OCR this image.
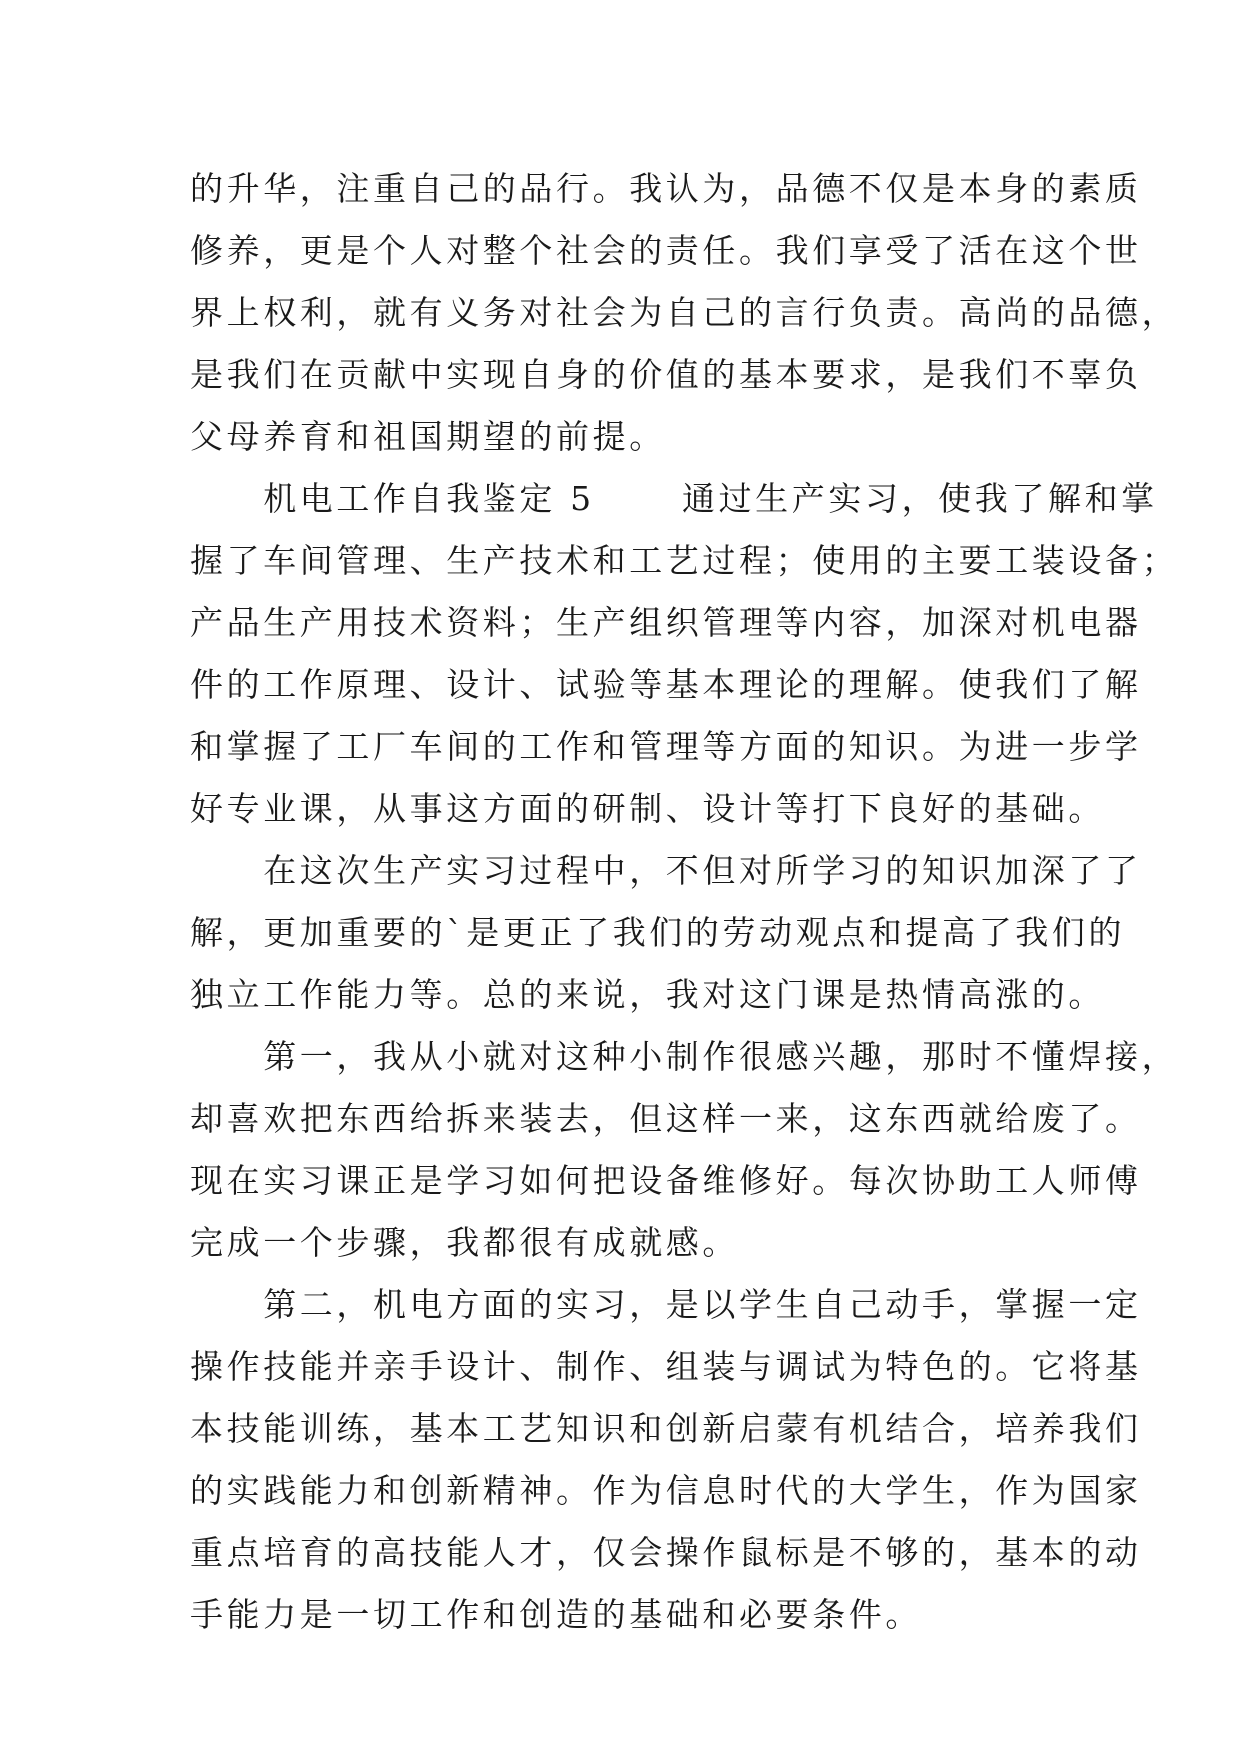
的升华，注重自己的品行。我认为，品德不仅是本身的素质
修养，更是个人对整个社会的责任。我们享受了活在这个世
界上权利，就有义务对社会为自己的言行负责。高尚的品德，
是我们在贡献中实现自身的价值的基本要求，是我们不辜负
父母养育和祖国期望的前提。
　　机电工作自我鉴定 5　　 通过生产实习，使我了解和掌
握了车间管理、生产技术和工艺过程；使用的主要工装设备；
产品生产用技术资料；生产组织管理等内容，加深对机电器
件的工作原理、设计、试验等基本理论的理解。使我们了解
和掌握了工厂车间的工作和管理等方面的知识。为进一步学
好专业课，从事这方面的研制、设计等打下良好的基础。
　　在这次生产实习过程中，不但对所学习的知识加深了了
解，更加重要的`是更正了我们的劳动观点和提高了我们的
独立工作能力等。总的来说，我对这门课是热情高涨的。
　　第一，我从小就对这种小制作很感兴趣，那时不懂焊接，
却喜欢把东西给拆来装去，但这样一来，这东西就给废了。
现在实习课正是学习如何把设备维修好。每次协助工人师傅
完成一个步骤，我都很有成就感。
　　第二，机电方面的实习，是以学生自己动手，掌握一定
操作技能并亲手设计、制作、组装与调试为特色的。它将基
本技能训练，基本工艺知识和创新启蒙有机结合，培养我们
的实践能力和创新精神。作为信息时代的大学生，作为国家
重点培育的高技能人才，仅会操作鼠标是不够的，基本的动
手能力是一切工作和创造的基础和必要条件。
